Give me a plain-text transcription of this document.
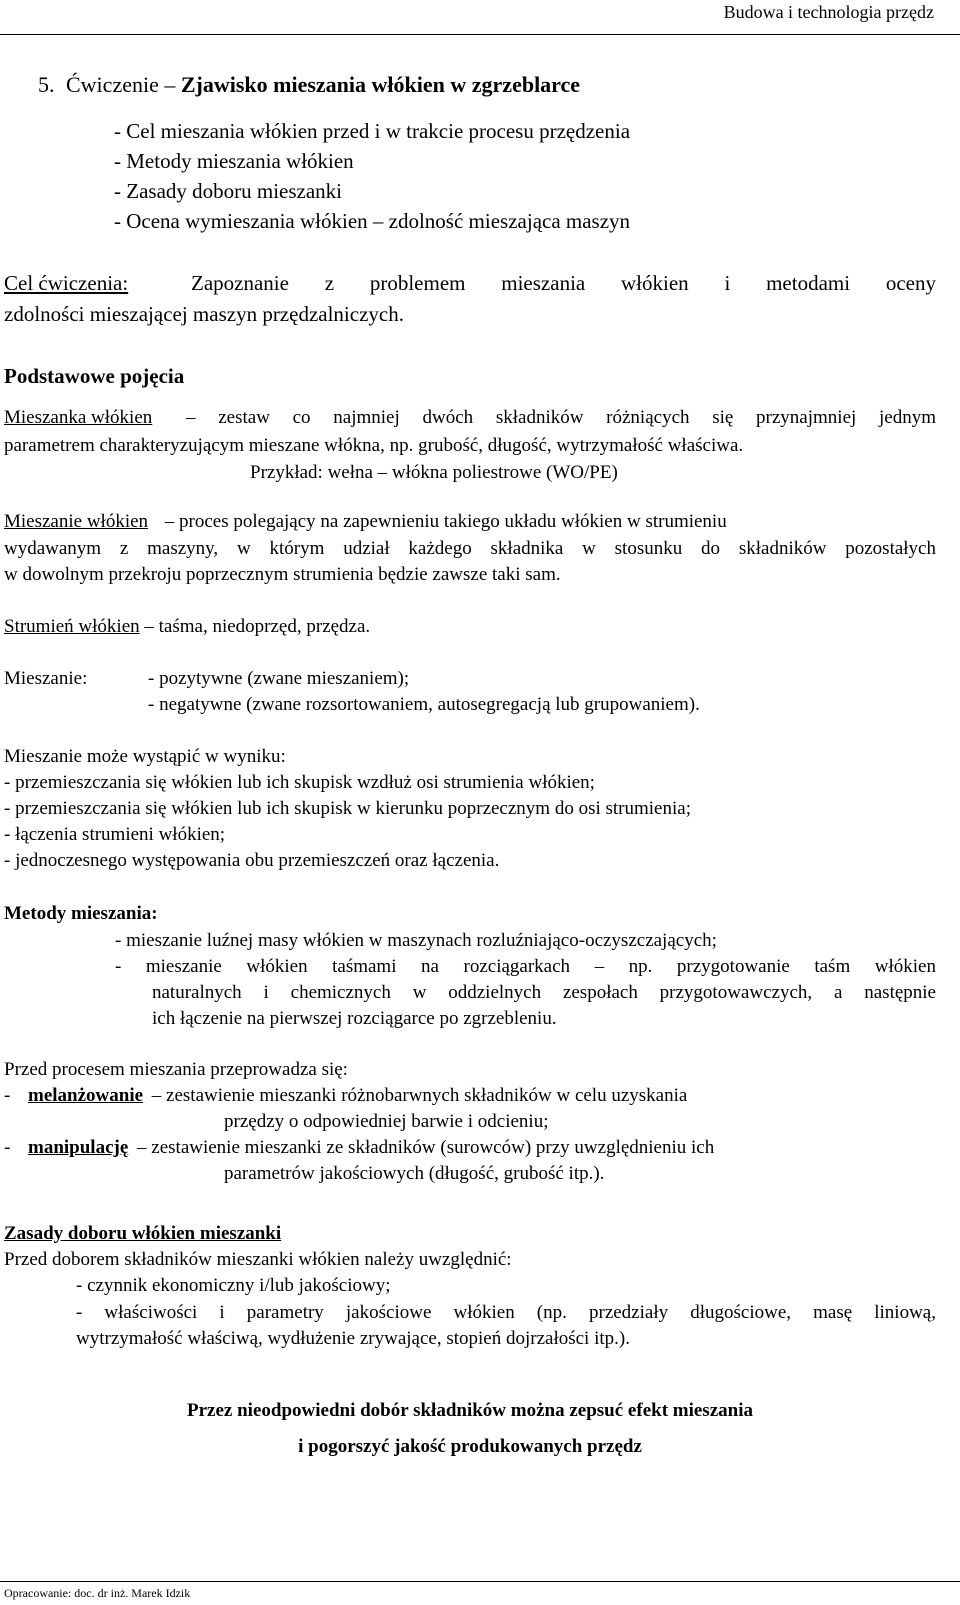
Budowa i technologia przędz
5. Ćwiczenie – Zjawisko mieszania włókien w zgrzeblarce
- Cel mieszania włókien przed i w trakcie procesu przędzenia
- Metody mieszania włókien
- Zasady doboru mieszanki
- Ocena wymieszania włókien – zdolność mieszająca maszyn
Cel ćwiczenia:	Zapoznanie z problemem mieszania włókien i metodami oceny
zdolności mieszającej maszyn przędzalniczych.
Podstawowe pojęcia
Mieszanka włókien – zestaw co najmniej dwóch składników różniących się przynajmniej jednym
parametrem charakteryzującym mieszane włókna, np. grubość, długość, wytrzymałość właściwa.
Przykład: wełna – włókna poliestrowe (WO/PE)
Mieszanie włókien – proces polegający na zapewnieniu takiego układu włókien w strumieniu
wydawanym z maszyny, w którym udział każdego składnika w stosunku do składników pozostałych
w dowolnym przekroju poprzecznym strumienia będzie zawsze taki sam.
Strumień włókien – taśma, niedoprzęd, przędza.
Mieszanie:	- pozytywne (zwane mieszaniem);
- negatywne (zwane rozsortowaniem, autosegregacją lub grupowaniem).
Mieszanie może wystąpić w wyniku:
- przemieszczania się włókien lub ich skupisk wzdłuż osi strumienia włókien;
- przemieszczania się włókien lub ich skupisk w kierunku poprzecznym do osi strumienia;
- łączenia strumieni włókien;
- jednoczesnego występowania obu przemieszczeń oraz łączenia.
Metody mieszania:
- mieszanie luźnej masy włókien w maszynach rozluźniająco-oczyszczających;
- mieszanie włókien taśmami na rozciągarkach – np. przygotowanie taśm włókien
naturalnych i chemicznych w oddzielnych zespołach przygotowawczych, a następnie
ich łączenie na pierwszej rozciągarce po zgrzebleniu.
Przed procesem mieszania przeprowadza się:
- melanżowanie – zestawienie mieszanki różnobarwnych składników w celu uzyskania
przędzy o odpowiedniej barwie i odcieniu;
- manipulację – zestawienie mieszanki ze składników (surowców) przy uwzględnieniu ich
parametrów jakościowych (długość, grubość itp.).
Zasady doboru włókien mieszanki
Przed doborem składników mieszanki włókien należy uwzględnić:
- czynnik ekonomiczny i/lub jakościowy;
- właściwości i parametry jakościowe włókien (np. przedziały długościowe, masę liniową,
wytrzymałość właściwą, wydłużenie zrywające, stopień dojrzałości itp.).
Przez nieodpowiedni dobór składników można zepsuć efekt mieszania
i pogorszyć jakość produkowanych przędz
Opracowanie: doc. dr inż. Marek Idzik
